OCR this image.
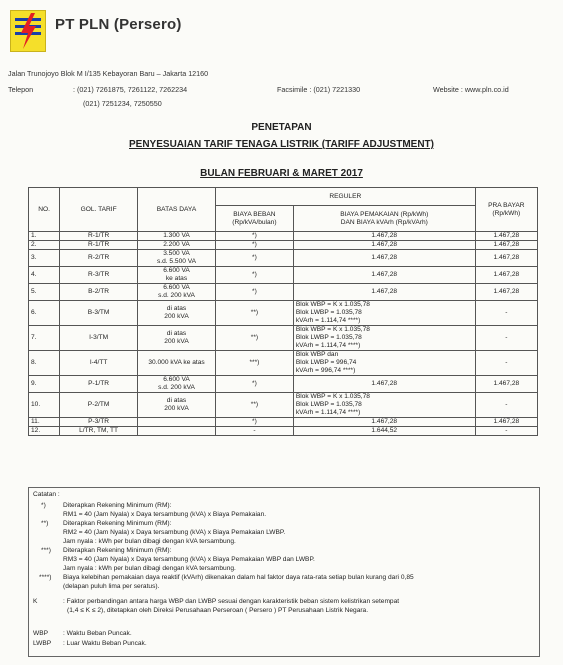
PT PLN (Persero)
Jalan Trunojoyo Blok M I/135 Kebayoran Baru – Jakarta 12160
Telepon	: (021) 7261875, 7261122, 7262234
(021) 7251234, 7250550
Facsimile : (021) 7221330	Website : www.pln.co.id
PENETAPAN
PENYESUAIAN TARIF TENAGA LISTRIK (TARIFF ADJUSTMENT)
BULAN FEBRUARI & MARET 2017
NO.	GOL. TARIF	BATAS DAYA	REGULER		PRA BAYAR
(Rp/kWh)
			BIAYA BEBAN
(Rp/kVA/bulan)	BIAYA PEMAKAIAN (Rp/kWh)
DAN BIAYA kVArh (Rp/kVArh)	
1.	R-1/TR	1.300 VA	*)	1.467,28	1.467,28
2.	R-1/TR	2.200 VA	*)	1.467,28	1.467,28
3.	R-2/TR	3.500 VA
s.d. 5.500 VA	*)	1.467,28	1.467,28
4.	R-3/TR	6.600 VA
ke atas	*)	1.467,28	1.467,28
5.	B-2/TR	6.600 VA
s.d. 200 kVA	*)	1.467,28	1.467,28
6.	B-3/TM	di atas
200 kVA	**)	Blok WBP = K x 1.035,78
Blok LWBP = 1.035,78
kVArh = 1.114,74 ****)	-
7.	I-3/TM	di atas
200 kVA	**)	Blok WBP = K x 1.035,78
Blok LWBP = 1.035,78
kVArh = 1.114,74 ****)	-
8.	I-4/TT	30.000 kVA ke atas	***)	Blok WBP dan
Blok LWBP = 996,74
kVArh = 996,74 ****)	-
9.	P-1/TR	6.600 VA
s.d. 200 kVA	*)	1.467,28	1.467,28
10.	P-2/TM	di atas
200 kVA	**)	Blok WBP = K x 1.035,78
Blok LWBP = 1.035,78
kVArh = 1.114,74 ****)	-
11.	P-3/TR		*)	1.467,28	1.467,28
12.	L/TR, TM, TT		-	1.644,52	-
Catatan :
*)	Diterapkan Rekening Minimum (RM):
RM1 = 40 (Jam Nyala) x Daya tersambung (kVA) x Biaya Pemakaian.
**) Diterapkan Rekening Minimum (RM):
RM2 = 40 (Jam Nyala) x Daya tersambung (kVA) x Biaya Pemakaian LWBP.
Jam nyala : kWh per bulan dibagi dengan kVA tersambung.
***) Diterapkan Rekening Minimum (RM):
RM3 = 40 (Jam Nyala) x Daya tersambung (kVA) x Biaya Pemakaian WBP dan LWBP.
Jam nyala : kWh per bulan dibagi dengan kVA tersambung.
****) Biaya kelebihan pemakaian daya reaktif (kVArh) dikenakan dalam hal faktor daya rata-rata setiap bulan kurang dari 0,85
(delapan puluh lima per seratus).
K	: Faktor perbandingan antara harga WBP dan LWBP sesuai dengan karakteristik beban sistem kelistrikan setempat
(1,4 ≤ K ≤ 2), ditetapkan oleh Direksi Perusahaan Perseroan ( Persero ) PT Perusahaan Listrik Negara.
WBP : Waktu Beban Puncak.
LWBP : Luar Waktu Beban Puncak.
